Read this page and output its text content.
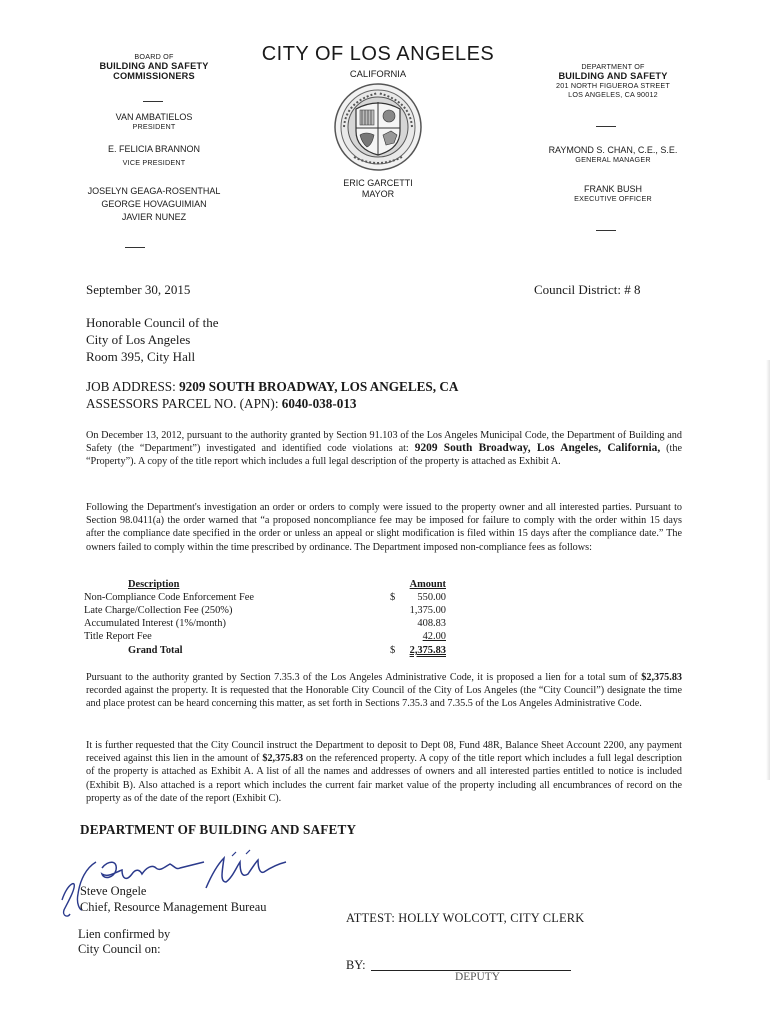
BOARD OF
BUILDING AND SAFETY
COMMISSIONERS
VAN AMBATIELOS
PRESIDENT
E. FELICIA BRANNON
VICE PRESIDENT
JOSELYN GEAGA-ROSENTHAL
GEORGE HOVAGUIMIAN
JAVIER NUNEZ
CITY OF LOS ANGELES
CALIFORNIA
ERIC GARCETTI
MAYOR
DEPARTMENT OF
BUILDING AND SAFETY
201 NORTH FIGUEROA STREET
LOS ANGELES, CA 90012
RAYMOND S. CHAN, C.E., S.E.
GENERAL MANAGER
FRANK BUSH
EXECUTIVE OFFICER
September 30, 2015	Council District: # 8
Honorable Council of the
City of Los Angeles
Room 395, City Hall
JOB ADDRESS: 9209 SOUTH BROADWAY, LOS ANGELES, CA
ASSESSORS PARCEL NO. (APN): 6040-038-013
On December 13, 2012, pursuant to the authority granted by Section 91.103 of the Los Angeles Municipal Code, the Department of Building and Safety (the “Department”) investigated and identified code violations at: 9209 South Broadway, Los Angeles, California, (the “Property”). A copy of the title report which includes a full legal description of the property is attached as Exhibit A.
Following the Department's investigation an order or orders to comply were issued to the property owner and all interested parties. Pursuant to Section 98.0411(a) the order warned that “a proposed noncompliance fee may be imposed for failure to comply with the order within 15 days after the compliance date specified in the order or unless an appeal or slight modification is filed within 15 days after the compliance date.” The owners failed to comply within the time prescribed by ordinance. The Department imposed non-compliance fees as follows:
Description	Amount
Non-Compliance Code Enforcement Fee	$	550.00
Late Charge/Collection Fee (250%)	1,375.00
Accumulated Interest (1%/month)	408.83
Title Report Fee	42.00
Grand Total	$	2,375.83
Pursuant to the authority granted by Section 7.35.3 of the Los Angeles Administrative Code, it is proposed a lien for a total sum of $2,375.83 recorded against the property. It is requested that the Honorable City Council of the City of Los Angeles (the “City Council”) designate the time and place protest can be heard concerning this matter, as set forth in Sections 7.35.3 and 7.35.5 of the Los Angeles Administrative Code.
It is further requested that the City Council instruct the Department to deposit to Dept 08, Fund 48R, Balance Sheet Account 2200, any payment received against this lien in the amount of $2,375.83 on the referenced property. A copy of the title report which includes a full legal description of the property is attached as Exhibit A. A list of all the names and addresses of owners and all interested parties entitled to notice is included (Exhibit B). Also attached is a report which includes the current fair market value of the property including all encumbrances of record on the property as of the date of the report (Exhibit C).
DEPARTMENT OF BUILDING AND SAFETY
Steve Ongele
Chief, Resource Management Bureau
ATTEST: HOLLY WOLCOTT, CITY CLERK
Lien confirmed by
City Council on:
BY:
DEPUTY
